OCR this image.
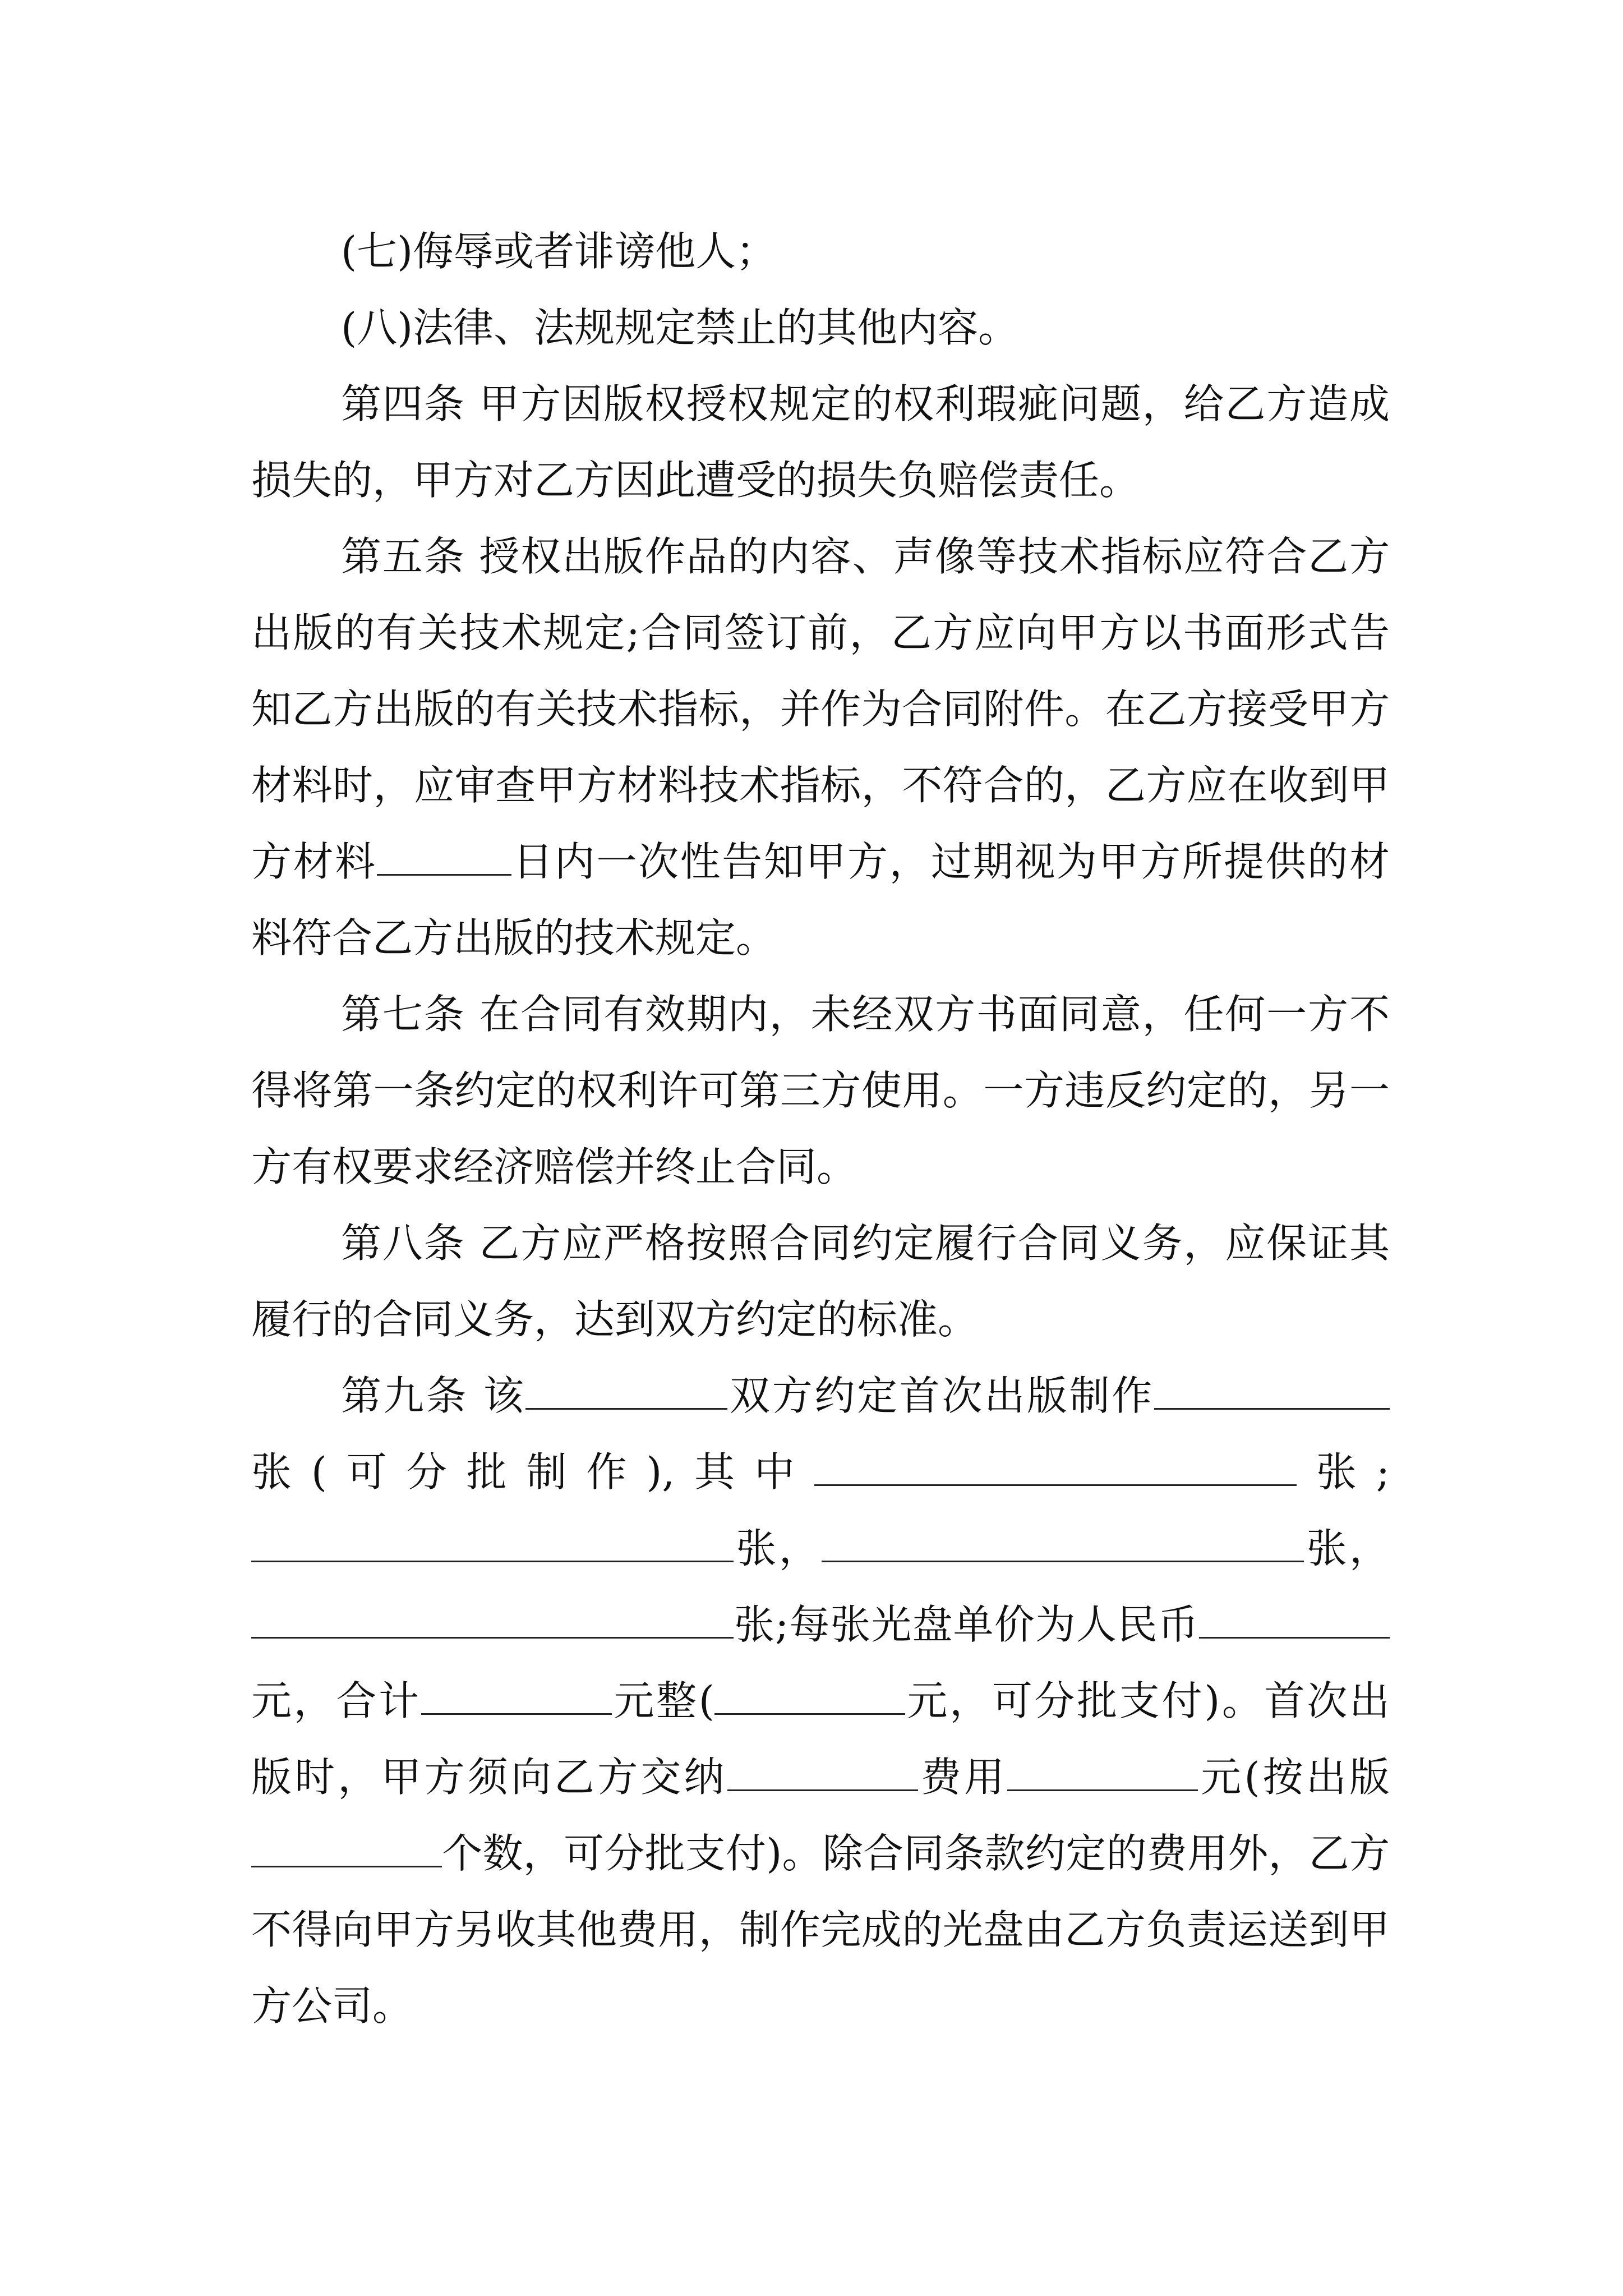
(七)侮辱或者诽谤他人；

(八)法律、法规规定禁止的其他内容。

第四条 甲方因版权授权规定的权利瑕疵问题，给乙方造成损失的，甲方对乙方因此遭受的损失负赔偿责任。

第五条 授权出版作品的内容、声像等技术指标应符合乙方出版的有关技术规定;合同签订前，乙方应向甲方以书面形式告知乙方出版的有关技术指标，并作为合同附件。在乙方接受甲方材料时，应审查甲方材料技术指标，不符合的，乙方应在收到甲方材料	日内一次性告知甲方，过期视为甲方所提供的材料符合乙方出版的技术规定。

第七条 在合同有效期内，未经双方书面同意，任何一方不得将第一条约定的权利许可第三方使用。一方违反约定的，另一方有权要求经济赔偿并终止合同。

第八条 乙方应严格按照合同约定履行合同义务，应保证其履行的合同义务，达到双方约定的标准。

第九条 该	双方约定首次出版制作张(可分批制作),其中	张;张，	张，张;每张光盘单价为人民币元，合计	元整(	元，可分批支付)。首次出版时，甲方须向乙方交纳	费用	元(按出版个数，可分批支付)。除合同条款约定的费用外，乙方不得向甲方另收其他费用，制作完成的光盘由乙方负责运送到甲方公司。
